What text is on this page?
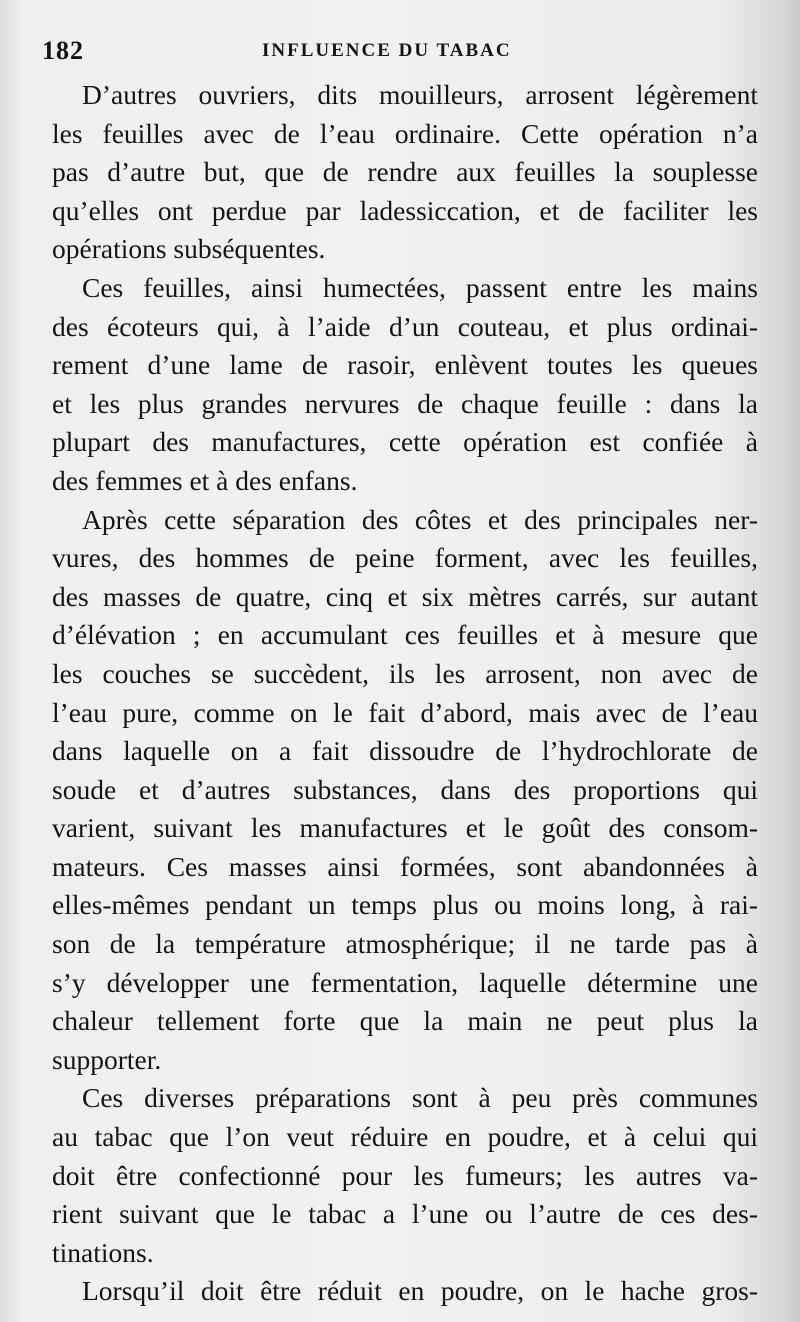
182	INFLUENCE DU TABAC
D’autres ouvriers, dits mouilleurs, arrosent légèrement
les feuilles avec de l’eau ordinaire. Cette opération n’a
pas d’autre but, que de rendre aux feuilles la souplesse
qu’elles ont perdue par ladessiccation, et de faciliter les
opérations subséquentes.
Ces feuilles, ainsi humectées, passent entre les mains
des écoteurs qui, à l’aide d’un couteau, et plus ordinai-
rement d’une lame de rasoir, enlèvent toutes les queues
et les plus grandes nervures de chaque feuille : dans la
plupart des manufactures, cette opération est confiée à
des femmes et à des enfans.
Après cette séparation des côtes et des principales ner-
vures, des hommes de peine forment, avec les feuilles,
des masses de quatre, cinq et six mètres carrés, sur autant
d’élévation ; en accumulant ces feuilles et à mesure que
les couches se succèdent, ils les arrosent, non avec de
l’eau pure, comme on le fait d’abord, mais avec de l’eau
dans laquelle on a fait dissoudre de l’hydrochlorate de
soude et d’autres substances, dans des proportions qui
varient, suivant les manufactures et le goût des consom-
mateurs. Ces masses ainsi formées, sont abandonnées à
elles-mêmes pendant un temps plus ou moins long, à rai-
son de la température atmosphérique; il ne tarde pas à
s’y développer une fermentation, laquelle détermine une
chaleur tellement forte que la main ne peut plus la
supporter.
Ces diverses préparations sont à peu près communes
au tabac que l’on veut réduire en poudre, et à celui qui
doit être confectionné pour les fumeurs; les autres va-
rient suivant que le tabac a l’une ou l’autre de ces des-
tinations.
Lorsqu’il doit être réduit en poudre, on le hache gros-
